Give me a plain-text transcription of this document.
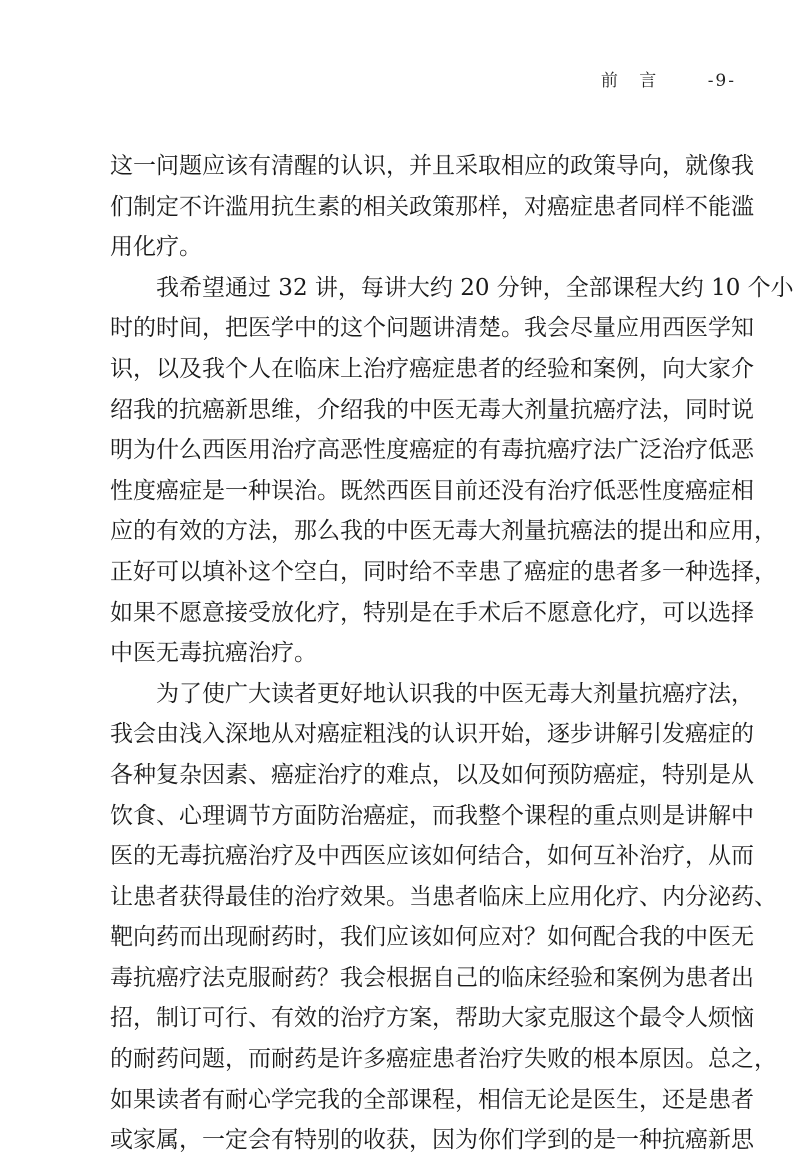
前 言	-9-
这一问题应该有清醒的认识，并且采取相应的政策导向，就像我
们制定不许滥用抗生素的相关政策那样，对癌症患者同样不能滥
用化疗。
我希望通过 32 讲，每讲大约 20 分钟，全部课程大约 10 个小
时的时间，把医学中的这个问题讲清楚。我会尽量应用西医学知
识，以及我个人在临床上治疗癌症患者的经验和案例，向大家介
绍我的抗癌新思维，介绍我的中医无毒大剂量抗癌疗法，同时说
明为什么西医用治疗高恶性度癌症的有毒抗癌疗法广泛治疗低恶
性度癌症是一种误治。既然西医目前还没有治疗低恶性度癌症相
应的有效的方法，那么我的中医无毒大剂量抗癌法的提出和应用，
正好可以填补这个空白，同时给不幸患了癌症的患者多一种选择，
如果不愿意接受放化疗，特别是在手术后不愿意化疗，可以选择
中医无毒抗癌治疗。
为了使广大读者更好地认识我的中医无毒大剂量抗癌疗法，
我会由浅入深地从对癌症粗浅的认识开始，逐步讲解引发癌症的
各种复杂因素、癌症治疗的难点，以及如何预防癌症，特别是从
饮食、心理调节方面防治癌症，而我整个课程的重点则是讲解中
医的无毒抗癌治疗及中西医应该如何结合，如何互补治疗，从而
让患者获得最佳的治疗效果。当患者临床上应用化疗、内分泌药、
靶向药而出现耐药时，我们应该如何应对？如何配合我的中医无
毒抗癌疗法克服耐药？我会根据自己的临床经验和案例为患者出
招，制订可行、有效的治疗方案，帮助大家克服这个最令人烦恼
的耐药问题，而耐药是许多癌症患者治疗失败的根本原因。总之，
如果读者有耐心学完我的全部课程，相信无论是医生，还是患者
或家属，一定会有特别的收获，因为你们学到的是一种抗癌新思
